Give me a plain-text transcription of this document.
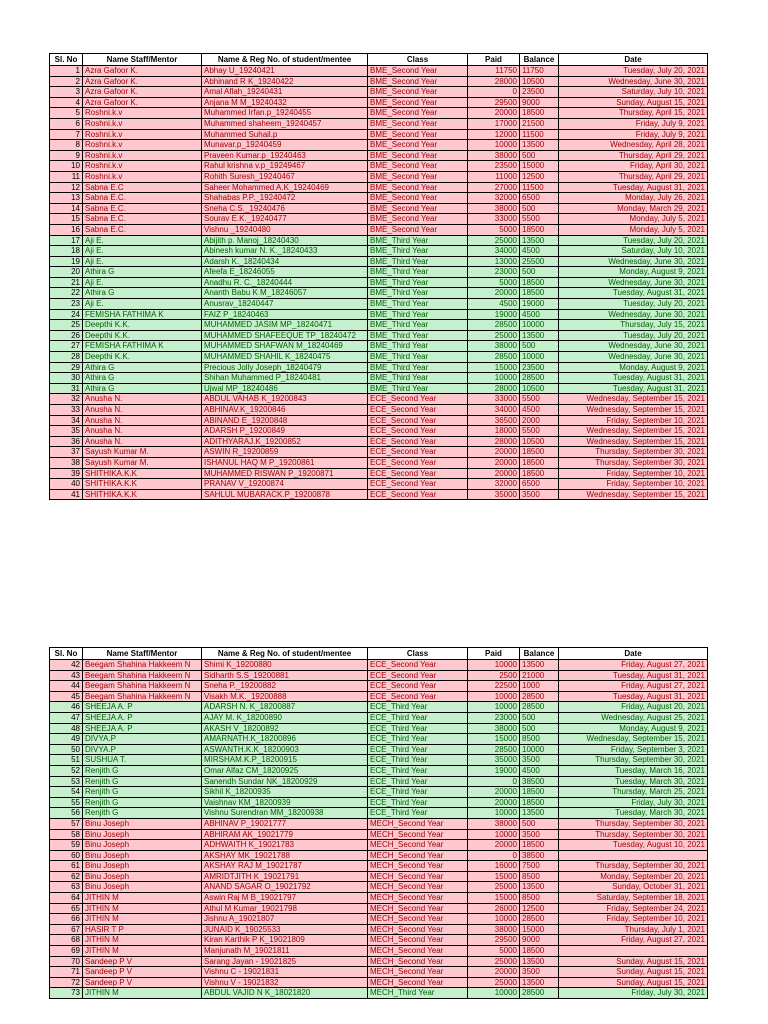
Sl. No	Name Staff/Mentor	Name & Reg No. of student/mentee	Class	Paid	Balance	Date
1	Azra Gafoor K.	Abhay U_19240421	BME_Second Year	11750	11750	Tuesday, July 20, 2021
2	Azra Gafoor K.	Abhinand R K_19240422	BME_Second Year	28000	10500	Wednesday, June 30, 2021
3	Azra Gafoor K.	Amal Aflah_19240431	BME_Second Year	0	23500	Saturday, July 10, 2021
4	Azra Gafoor K.	Anjana M M_19240432	BME_Second Year	29500	9000	Sunday, August 15, 2021
5	Roshni.k.v	Muhammed Irfan.p_19240455	BME_Second Year	20000	18500	Thursday, April 15, 2021
6	Roshni.k.v	Muhammed shaheem_19240457	BME_Second Year	17000	21500	Friday, July 9, 2021
7	Roshni.k.v	Muhammed Suhail.p	BME_Second Year	12000	11500	Friday, July 9, 2021
8	Roshni.k.v	Munavar.p_19240459	BME_Second Year	10000	13500	Wednesday, April 28, 2021
9	Roshni.k.v	Praveen Kumar.p_19240463	BME_Second Year	38000	500	Thursday, April 29, 2021
10	Roshni.k.v	Rahul krishna v.p_19249467	BME_Second Year	23500	15000	Friday, April 30, 2021
11	Roshni.k.v	Rohith Suresh_19240467	BME_Second Year	11000	12500	Thursday, April 29, 2021
12	Sabna E.C	Saheer Mohammed A.K_19240469	BME_Second Year	27000	11500	Tuesday, August 31, 2021
13	Sabna E.C.	Shahabas P.P._19240472	BME_Second Year	32000	6500	Monday, July 26, 2021
14	Sabna E.C.	Sneha C.S._19240476	BME_Second Year	38000	500	Monday, March 29, 2021
15	Sabna E.C.	Sourav E.K._19240477	BME_Second Year	33000	5500	Monday, July 5, 2021
16	Sabna E.C.	Vishnu _19240480	BME_Second Year	5000	18500	Monday, July 5, 2021
17	Aji E.	Abijith p. Manoj_18240430	BME_Third Year	25000	13500	Tuesday, July 20, 2021
18	Aji E.	Abinesh kumar N. K._18240433	BME_Third Year	34000	4500	Saturday, July 10, 2021
19	Aji E.	Adarsh K._18240434	BME_Third Year	13000	25500	Wednesday, June 30, 2021
20	Athira G	Afeefa E_18246055	BME_Third Year	23000	500	Monday, August 9, 2021
21	Aji E.	Anadhu R. C._18240444	BME_Third Year	5000	18500	Wednesday, June 30, 2021
22	Athira G	Ananth Babu K M_18246057	BME_Third Year	20000	18500	Tuesday, August 31, 2021
23	Aji E.	Anusrav_18240447	BME_Third Year	4500	19000	Tuesday, July 20, 2021
24	FEMISHA FATHIMA K	FAIZ P_18240463	BME_Third Year	19000	4500	Wednesday, June 30, 2021
25	Deepthi K.K.	MUHAMMED JASIM MP_18240471	BME_Third Year	28500	10000	Thursday, July 15, 2021
26	Deepthi K.K.	MUHAMMED SHAFEEQUE TP_18240472	BME_Third Year	25000	13500	Tuesday, July 20, 2021
27	FEMISHA FATHIMA K	MUHAMMED SHAFWAN M_18240469	BME_Third Year	38000	500	Wednesday, June 30, 2021
28	Deepthi K.K.	MUHAMMED SHAHIL K_18240475	BME_Third Year	28500	10000	Wednesday, June 30, 2021
29	Athira G	Precious Jolly Joseph_18240479	BME_Third Year	15000	23500	Monday, August 9, 2021
30	Athira G	Shihan Muhammed P_18240481	BME_Third Year	10000	28500	Tuesday, August 31, 2021
31	Athira G	Ujwal MP_18240486	BME_Third Year	28000	10500	Tuesday, August 31, 2021
32	Anusha N.	ABDUL VAHAB K_19200843	ECE_Second Year	33000	5500	Wednesday, September 15, 2021
33	Anusha N.	ABHINAV.K_19200846	ECE_Second Year	34000	4500	Wednesday, September 15, 2021
34	Anusha N.	ABINAND E_19200848	ECE_Second Year	36500	2000	Friday, September 10, 2021
35	Anusha N.	ADARSH P_19200849	ECE_Second Year	18000	5500	Wednesday, September 15, 2021
36	Anusha N.	ADITHYARAJ.K_19200852	ECE_Second Year	28000	10500	Wednesday, September 15, 2021
37	Sayush Kumar M.	ASWIN R_19200859	ECE_Second Year	20000	18500	Thursday, September 30, 2021
38	Sayush Kumar M.	ISHANUL HAQ M P_19200861	ECE_Second Year	20000	18500	Thursday, September 30, 2021
39	SHITHIKA.K.K	MUHAMMED RISWAN P_19200871	ECE_Second Year	20000	18500	Friday, September 10, 2021
40	SHITHIKA.K.K	PRANAV V_19200874	ECE_Second Year	32000	6500	Friday, September 10, 2021
41	SHITHIKA.K.K	SAHLUL MUBARACK.P_19200878	ECE_Second Year	35000	3500	Wednesday, September 15, 2021
Sl. No	Name Staff/Mentor	Name & Reg No. of student/mentee	Class	Paid	Balance	Date
42	Beegam Shahina Hakkeem N	Shimi K_19200880	ECE_Second Year	10000	13500	Friday, August 27, 2021
43	Beegam Shahina Hakkeem N	Sidharth S.S_19200881	ECE_Second Year	2500	21000	Tuesday, August 31, 2021
44	Beegam Shahina Hakkeem N	Sneha P._19200882	ECE_Second Year	22500	1000	Friday, August 27, 2021
45	Beegam Shahina Hakkeem N	Visakh M.K._19200888	ECE_Second Year	10000	28500	Tuesday, August 31, 2021
46	SHEEJA A. P	ADARSH N. K_18200887	ECE_Third Year	10000	28500	Friday, August 20, 2021
47	SHEEJA A. P	AJAY M. K_18200890	ECE_Third Year	23000	500	Wednesday, August 25, 2021
48	SHEEJA A. P	AKASH V_18200892	ECE_Third Year	38000	500	Monday, August 9, 2021
49	DIVYA.P	AMARNATH.K_18200896	ECE_Third Year	15000	8500	Wednesday, September 15, 2021
50	DIVYA.P	ASWANTH.K.K_18200903	ECE_Third Year	28500	10000	Friday, September 3, 2021
51	SUSHUA T.	MIRSHAM.K.P_18200915	ECE_Third Year	35000	3500	Thursday, September 30, 2021
52	Renjith G	Omar Alfaz CM_18200925	ECE_Third Year	19000	4500	Tuesday, March 16, 2021
53	Renjith G	Sanendh Sundar NK_18200929	ECE_Third Year	0	38500	Tuesday, March 30, 2021
54	Renjith G	Sikhil K_18200935	ECE_Third Year	20000	18500	Thursday, March 25, 2021
55	Renjith G	Vaishnav KM_18200939	ECE_Third Year	20000	18500	Friday, July 30, 2021
56	Renjith G	Vishnu Surendran MM_18200938	ECE_Third Year	10000	13500	Tuesday, March 30, 2021
57	Binu Joseph	ABHINAV P_19021777	MECH_Second Year	38000	500	Thursday, September 30, 2021
58	Binu Joseph	ABHIRAM AK_19021779	MECH_Second Year	10000	3500	Thursday, September 30, 2021
59	Binu Joseph	ADHWAITH K_19021783	MECH_Second Year	20000	18500	Tuesday, August 10, 2021
60	Binu Joseph	AKSHAY MK_19021788	MECH_Second Year	0	38500	
61	Binu Joseph	AKSHAY RAJ M_19021787	MECH_Second Year	16000	7500	Thursday, September 30, 2021
62	Binu Joseph	AMRIDTJITH K_19021791	MECH_Second Year	15000	8500	Monday, September 20, 2021
63	Binu Joseph	ANAND SAGAR O_19021792	MECH_Second Year	25000	13500	Sunday, October 31, 2021
64	JITHIN M	Aswin Raj M B_19021797	MECH_Second Year	15000	8500	Saturday, September 18, 2021
65	JITHIN M	Athul M Kumar_19021798	MECH_Second Year	26000	12500	Friday, September 24, 2021
66	JITHIN M	Jishnu A_19021807	MECH_Second Year	10000	28500	Friday, September 10, 2021
67	HASIR T P	JUNAID K_19025533	MECH_Second Year	38000	15000	Thursday, July 1, 2021
68	JITHIN M	Kiran Karthik P K_19021809	MECH_Second Year	29500	9000	Friday, August 27, 2021
69	JITHIN M	Manjunath M_19021811	MECH_Second Year	5000	18500	
70	Sandeep P V	Sarang Jayan - 19021825	MECH_Second Year	25000	13500	Sunday, August 15, 2021
71	Sandeep P V	Vishnu C - 19021831	MECH_Second Year	20000	3500	Sunday, August 15, 2021
72	Sandeep P V	Vishnu V - 19021832	MECH_Second Year	25000	13500	Sunday, August 15, 2021
73	JITHIN M	ABDUL VAJID N K_18021820	MECH_Third Year	10000	28500	Friday, July 30, 2021
